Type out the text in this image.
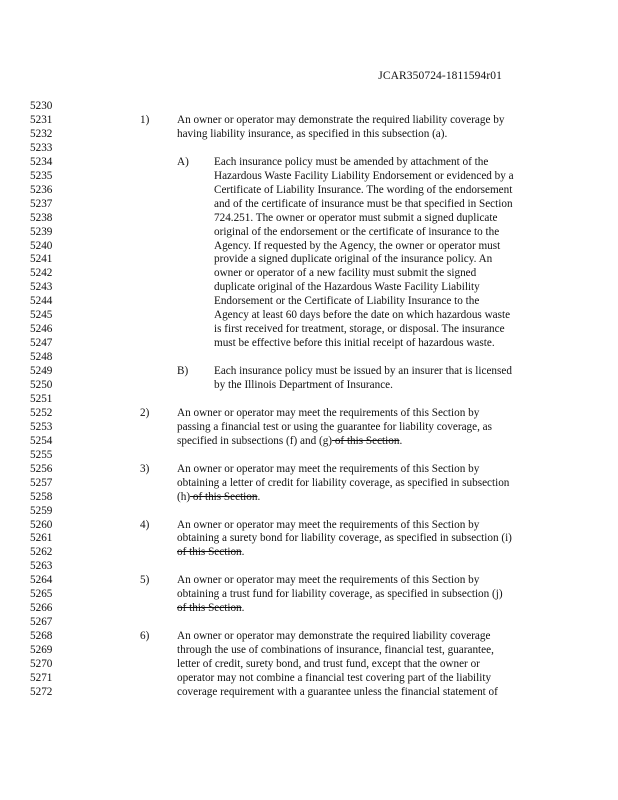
JCAR350724-1811594r01
5230
5231	1) An owner or operator may demonstrate the required liability coverage by
5232	having liability insurance, as specified in this subsection (a).
5233
5234	A) Each insurance policy must be amended by attachment of the
5235	Hazardous Waste Facility Liability Endorsement or evidenced by a
5236	Certificate of Liability Insurance. The wording of the endorsement
5237	and of the certificate of insurance must be that specified in Section
5238	724.251. The owner or operator must submit a signed duplicate
5239	original of the endorsement or the certificate of insurance to the
5240	Agency. If requested by the Agency, the owner or operator must
5241	provide a signed duplicate original of the insurance policy. An
5242	owner or operator of a new facility must submit the signed
5243	duplicate original of the Hazardous Waste Facility Liability
5244	Endorsement or the Certificate of Liability Insurance to the
5245	Agency at least 60 days before the date on which hazardous waste
5246	is first received for treatment, storage, or disposal. The insurance
5247	must be effective before this initial receipt of hazardous waste.
5248
5249	B) Each insurance policy must be issued by an insurer that is licensed
5250	by the Illinois Department of Insurance.
5251
5252	2) An owner or operator may meet the requirements of this Section by
5253	passing a financial test or using the guarantee for liability coverage, as
5254	specified in subsections (f) and (g) of this Section.
5255
5256	3) An owner or operator may meet the requirements of this Section by
5257	obtaining a letter of credit for liability coverage, as specified in subsection
5258	(h) of this Section.
5259
5260	4) An owner or operator may meet the requirements of this Section by
5261	obtaining a surety bond for liability coverage, as specified in subsection (i)
5262	of this Section.
5263
5264	5) An owner or operator may meet the requirements of this Section by
5265	obtaining a trust fund for liability coverage, as specified in subsection (j)
5266	of this Section.
5267
5268	6) An owner or operator may demonstrate the required liability coverage
5269	through the use of combinations of insurance, financial test, guarantee,
5270	letter of credit, surety bond, and trust fund, except that the owner or
5271	operator may not combine a financial test covering part of the liability
5272	coverage requirement with a guarantee unless the financial statement of
